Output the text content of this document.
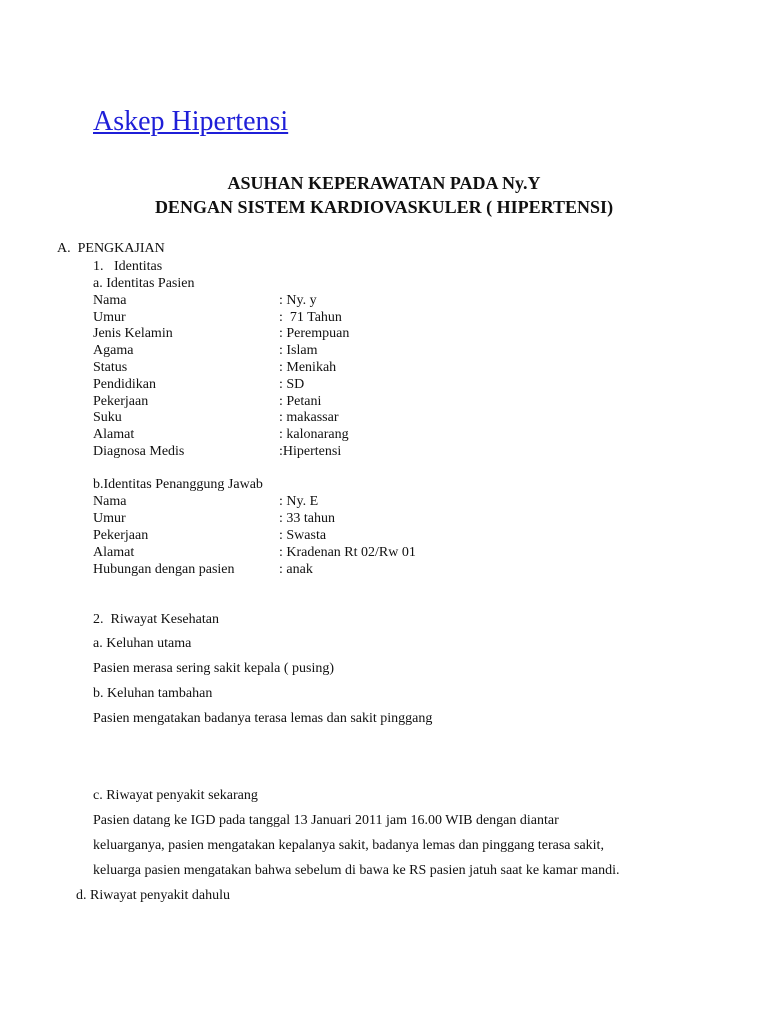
Askep Hipertensi
ASUHAN KEPERAWATAN PADA Ny.Y
DENGAN SISTEM KARDIOVASKULER ( HIPERTENSI)
A.  PENGKAJIAN
1.   Identitas
a. Identitas Pasien
Nama	: Ny. y
Umur	:  71 Tahun
Jenis Kelamin	: Perempuan
Agama	: Islam
Status	: Menikah
Pendidikan	: SD
Pekerjaan	: Petani
Suku	: makassar
Alamat	: kalonarang
Diagnosa Medis	:Hipertensi
b.Identitas Penanggung Jawab
Nama	: Ny. E
Umur	: 33 tahun
Pekerjaan	: Swasta
Alamat	: Kradenan Rt 02/Rw 01
Hubungan dengan pasien	: anak
2.  Riwayat Kesehatan
a. Keluhan utama
Pasien merasa sering sakit kepala ( pusing)
b. Keluhan tambahan
Pasien mengatakan badanya terasa lemas dan sakit pinggang
c. Riwayat penyakit sekarang
Pasien datang ke IGD pada tanggal 13 Januari 2011 jam 16.00 WIB dengan diantar
keluarganya, pasien mengatakan kepalanya sakit, badanya lemas dan pinggang terasa sakit,
keluarga pasien mengatakan bahwa sebelum di bawa ke RS pasien jatuh saat ke kamar mandi.
d. Riwayat penyakit dahulu
